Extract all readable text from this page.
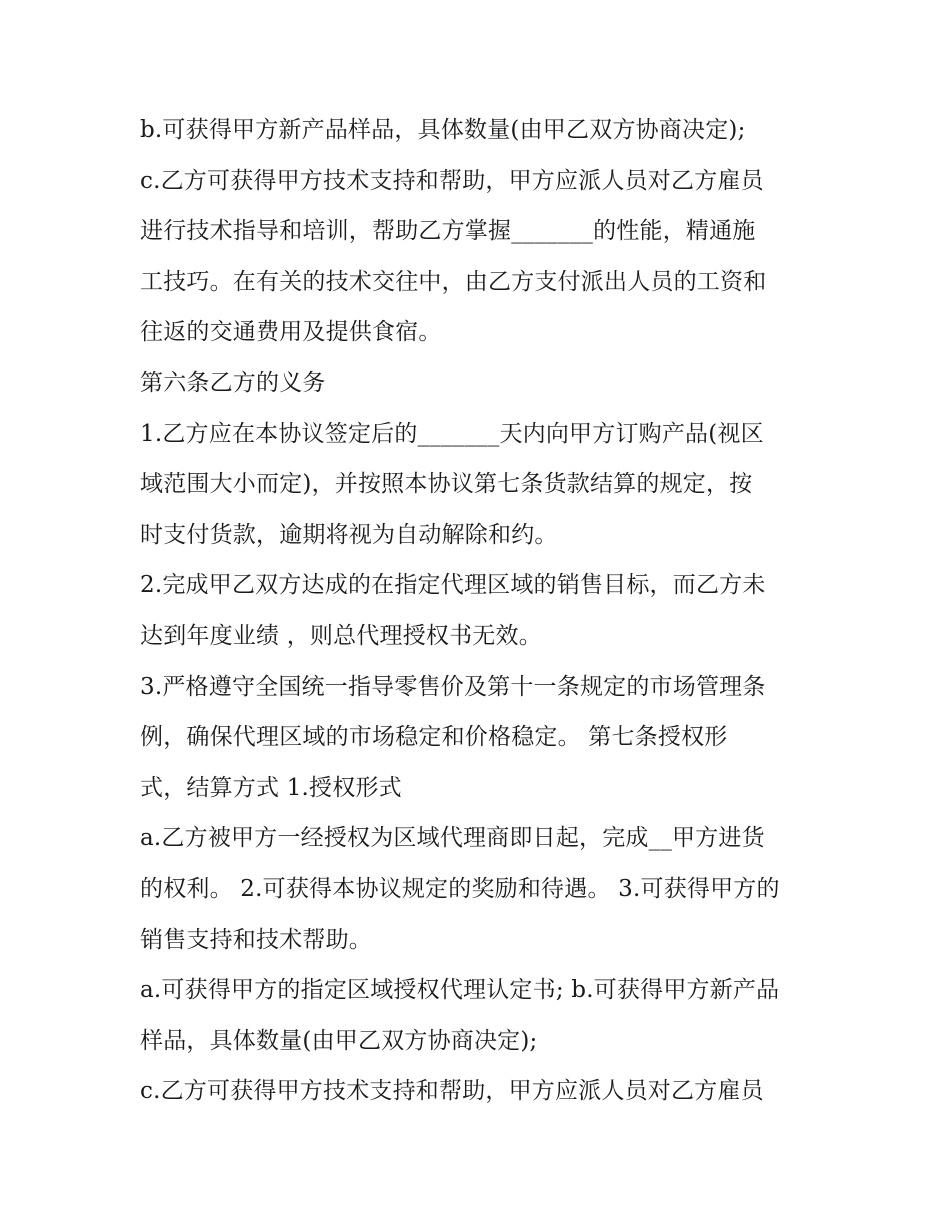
b.可获得甲方新产品样品，具体数量(由甲乙双方协商决定);
c.乙方可获得甲方技术支持和帮助，甲方应派人员对乙方雇员
进行技术指导和培训，帮助乙方掌握_______的性能，精通施
工技巧。在有关的技术交往中，由乙方支付派出人员的工资和
往返的交通费用及提供食宿。
第六条乙方的义务
1.乙方应在本协议签定后的_______天内向甲方订购产品(视区
域范围大小而定)，并按照本协议第七条货款结算的规定，按
时支付货款，逾期将视为自动解除和约。
2.完成甲乙双方达成的在指定代理区域的销售目标，而乙方未
达到年度业绩 ，则总代理授权书无效。
3.严格遵守全国统一指导零售价及第十一条规定的市场管理条
例，确保代理区域的市场稳定和价格稳定。 第七条授权形
式，结算方式 1.授权形式
a.乙方被甲方一经授权为区域代理商即日起，完成__甲方进货
的权利。 2.可获得本协议规定的奖励和待遇。 3.可获得甲方的
销售支持和技术帮助。
a.可获得甲方的指定区域授权代理认定书; b.可获得甲方新产品
样品，具体数量(由甲乙双方协商决定);
c.乙方可获得甲方技术支持和帮助，甲方应派人员对乙方雇员
